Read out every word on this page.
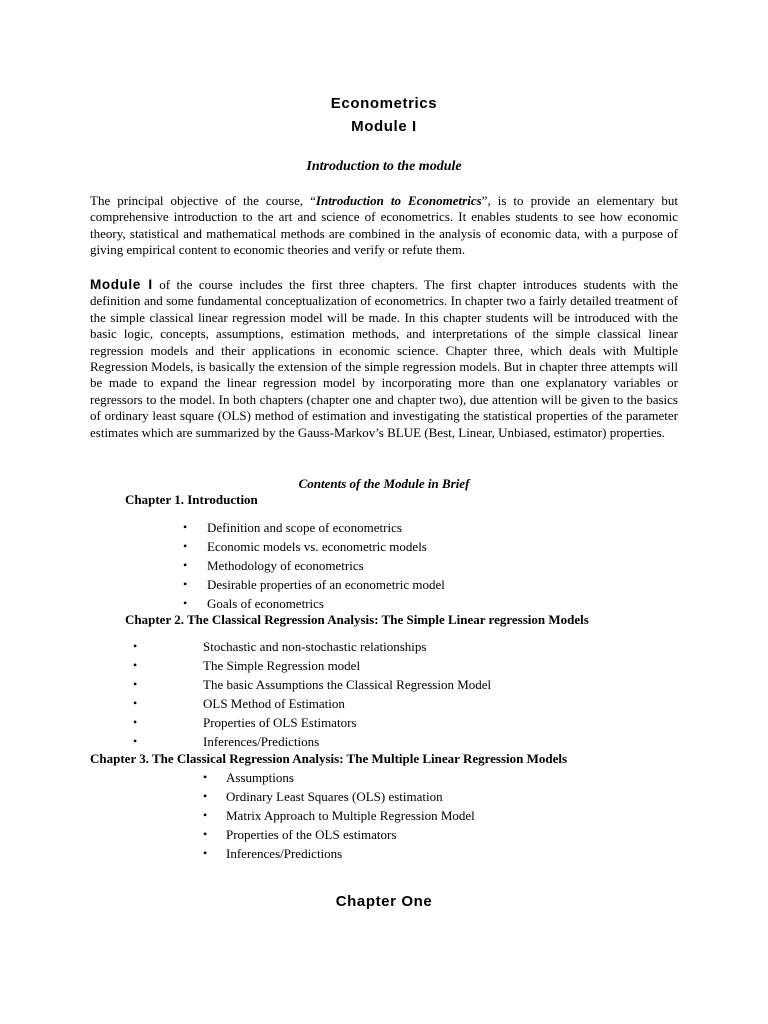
Econometrics
Module I
Introduction to the module

The principal objective of the course, “Introduction to Econometrics”, is to provide an elementary but comprehensive introduction to the art and science of econometrics. It enables students to see how economic theory, statistical and mathematical methods are combined in the analysis of economic data, with a purpose of giving empirical content to economic theories and verify or refute them.

Module I of the course includes the first three chapters. The first chapter introduces students with the definition and some fundamental conceptualization of econometrics. In chapter two a fairly detailed treatment of the simple classical linear regression model will be made. In this chapter students will be introduced with the basic logic, concepts, assumptions, estimation methods, and interpretations of the simple classical linear regression models and their applications in economic science. Chapter three, which deals with Multiple Regression Models, is basically the extension of the simple regression models. But in chapter three attempts will be made to expand the linear regression model by incorporating more than one explanatory variables or regressors to the model. In both chapters (chapter one and chapter two), due attention will be given to the basics of ordinary least square (OLS) method of estimation and investigating the statistical properties of the parameter estimates which are summarized by the Gauss-Markov’s BLUE (Best, Linear, Unbiased, estimator) properties.

Contents of the Module in Brief
Chapter 1. Introduction
• Definition and scope of econometrics
• Economic models vs. econometric models
• Methodology of econometrics
• Desirable properties of an econometric model
• Goals of econometrics
Chapter 2. The Classical Regression Analysis: The Simple Linear regression Models
•	Stochastic and non-stochastic relationships
•	The Simple Regression model
•	The basic Assumptions the Classical Regression Model
•	OLS Method of Estimation
•	Properties of OLS Estimators
•	Inferences/Predictions
Chapter 3. The Classical Regression Analysis: The Multiple Linear Regression Models
• Assumptions
• Ordinary Least Squares (OLS) estimation
• Matrix Approach to Multiple Regression Model
• Properties of the OLS estimators
• Inferences/Predictions
Chapter One
